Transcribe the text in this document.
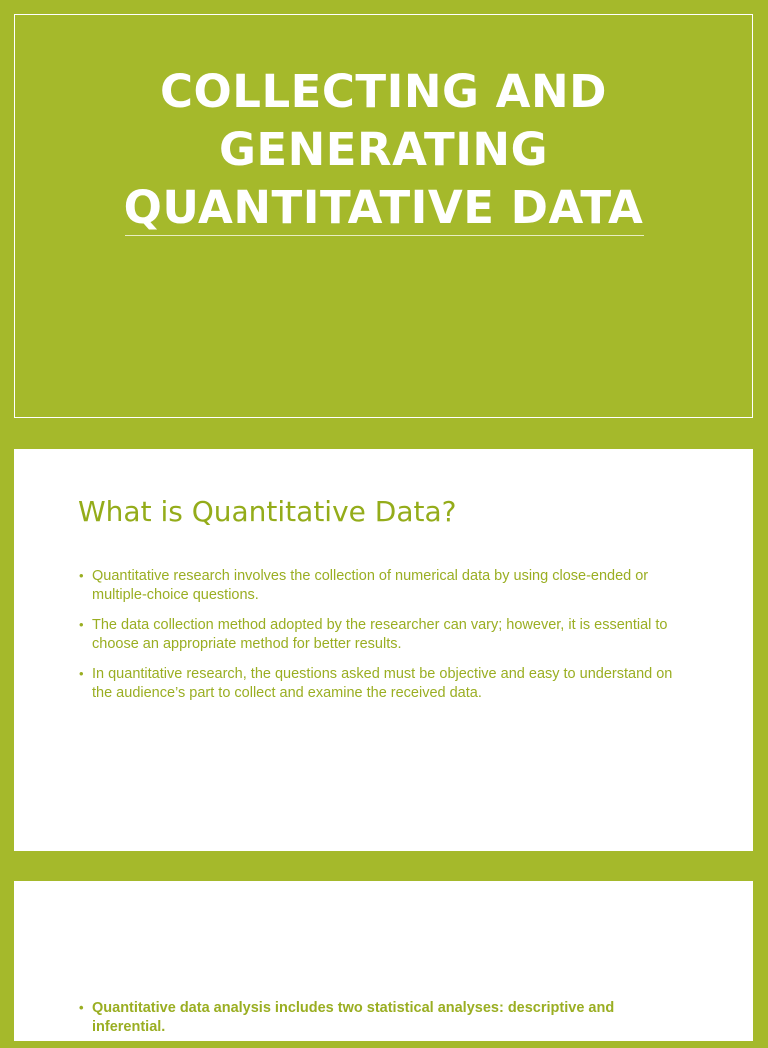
COLLECTING AND
GENERATING
QUANTITATIVE DATA
What is Quantitative Data?
• Quantitative research involves the collection of numerical data by using close-ended or multiple-choice questions.
• The data collection method adopted by the researcher can vary; however, it is essential to choose an appropriate method for better results.
• In quantitative research, the questions asked must be objective and easy to understand on the audience’s part to collect and examine the received data.
• Quantitative data analysis includes two statistical analyses: descriptive and inferential.
